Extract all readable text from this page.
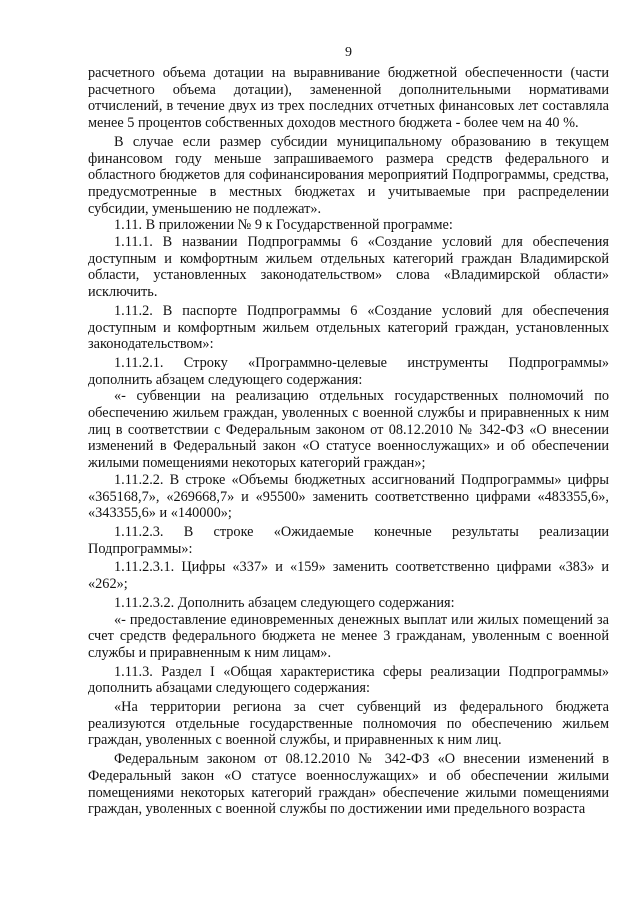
9

расчетного объема дотации на выравнивание бюджетной обеспеченности (части расчетного объема дотации), замененной дополнительными нормативами отчислений, в течение двух из трех последних отчетных финансовых лет составляла менее 5 процентов собственных доходов местного бюджета - более чем на 40 %.

В случае если размер субсидии муниципальному образованию в текущем финансовом году меньше запрашиваемого размера средств федерального и областного бюджетов для софинансирования мероприятий Подпрограммы, средства, предусмотренные в местных бюджетах и учитываемые при распределении субсидии, уменьшению не подлежат».

1.11. В приложении № 9 к Государственной программе:

1.11.1. В названии Подпрограммы 6 «Создание условий для обеспечения доступным и комфортным жильем отдельных категорий граждан Владимирской области, установленных законодательством» слова «Владимирской области» исключить.

1.11.2. В паспорте Подпрограммы 6 «Создание условий для обеспечения доступным и комфортным жильем отдельных категорий граждан, установленных законодательством»:

1.11.2.1. Строку «Программно-целевые инструменты Подпрограммы» дополнить абзацем следующего содержания:

«- субвенции на реализацию отдельных государственных полномочий по обеспечению жильем граждан, уволенных с военной службы и приравненных к ним лиц в соответствии с Федеральным законом от 08.12.2010 № 342-ФЗ «О внесении изменений в Федеральный закон «О статусе военнослужащих» и об обеспечении жилыми помещениями некоторых категорий граждан»;

1.11.2.2. В строке «Объемы бюджетных ассигнований Подпрограммы» цифры «365168,7», «269668,7» и «95500» заменить соответственно цифрами «483355,6», «343355,6» и «140000»;

1.11.2.3. В строке «Ожидаемые конечные результаты реализации Подпрограммы»:

1.11.2.3.1. Цифры «337» и «159» заменить соответственно цифрами «383» и «262»;

1.11.2.3.2. Дополнить абзацем следующего содержания:

«- предоставление единовременных денежных выплат или жилых помещений за счет средств федерального бюджета не менее 3 гражданам, уволенным с военной службы и приравненным к ним лицам».

1.11.3. Раздел I «Общая характеристика сферы реализации Подпрограммы» дополнить абзацами следующего содержания:

«На территории региона за счет субвенций из федерального бюджета реализуются отдельные государственные полномочия по обеспечению жильем граждан, уволенных с военной службы, и приравненных к ним лиц.

Федеральным законом от 08.12.2010 № 342-ФЗ «О внесении изменений в Федеральный закон «О статусе военнослужащих» и об обеспечении жилыми помещениями некоторых категорий граждан» обеспечение жилыми помещениями граждан, уволенных с военной службы по достижении ими предельного возраста
